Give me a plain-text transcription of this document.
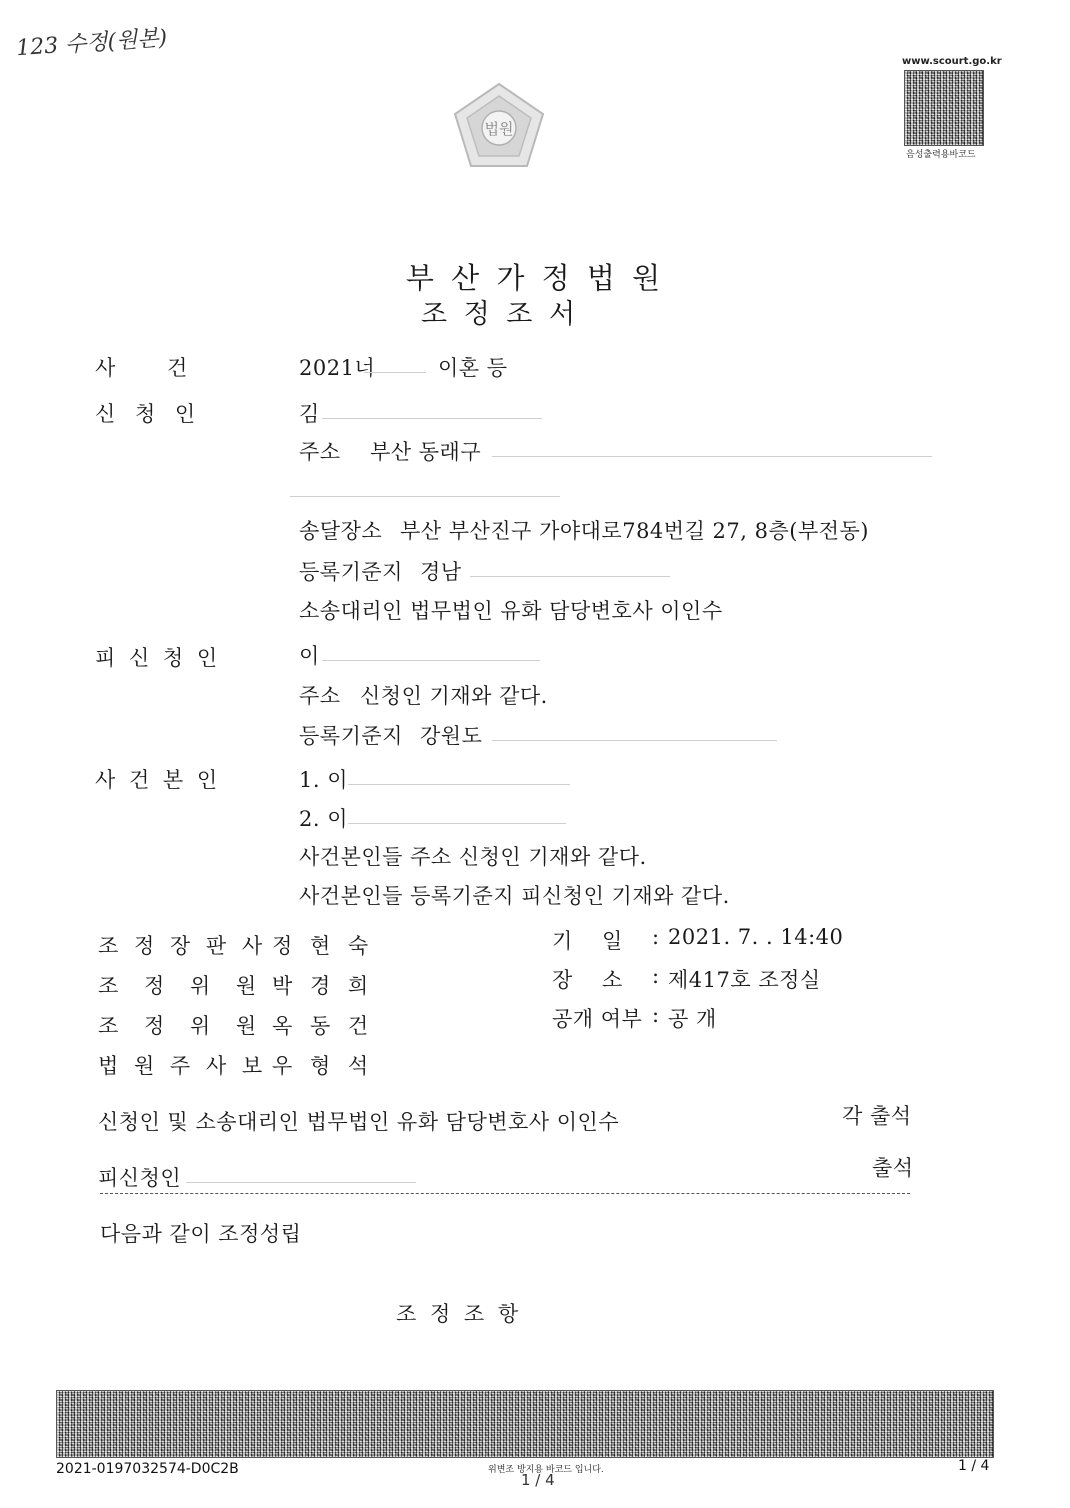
123 수정(원본)
법원
www.scourt.go.kr
음성출력용바코드
부 산 가 정 법 원
조 정 조 서
사 건	2021너	이혼 등
신 청 인	김
주소 부산 동래구
송달장소 부산 부산진구 가야대로784번길 27, 8층(부전동)
등록기준지 경남
소송대리인 법무법인 유화 담당변호사 이인수
피 신 청 인	이
주소 신청인 기재와 같다.
등록기준지 강원도
사 건 본 인	1. 이
2. 이
사건본인들 주소 신청인 기재와 같다.
사건본인들 등록기준지 피신청인 기재와 같다.
조 정 장 판 사 정 현 숙
조 정 위 원 박 경 희
조 정 위 원 옥 동 건
법 원 주 사 보 우 형 석
기 일 : 2021. 7. . 14:40
장 소 : 제417호 조정실
공개 여부 : 공 개
신청인 및 소송대리인 법무법인 유화 담당변호사 이인수	각 출석
피신청인	출석
다음과 같이 조정성립
조 정 조 항
2021-0197032574-D0C2B	위변조 방지용 바코드 입니다.
1 / 4
1 / 4
